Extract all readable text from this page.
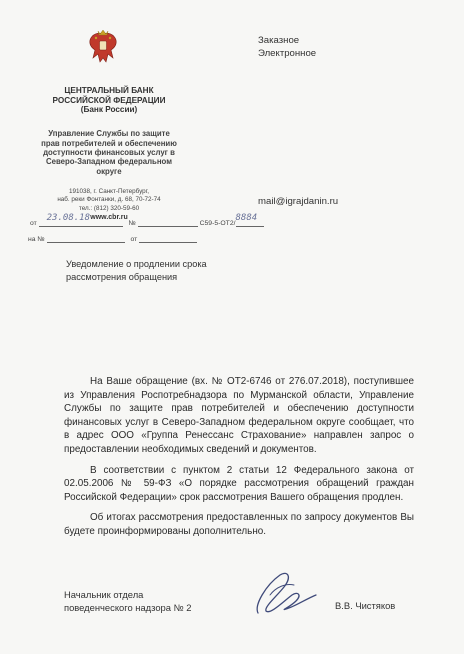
ЦЕНТРАЛЬНЫЙ БАНК
РОССИЙСКОЙ ФЕДЕРАЦИИ
(Банк России)
Управление Службы по защите
прав потребителей и обеспечению
доступности финансовых услуг в
Северо-Западном федеральном
округе
191038, г. Санкт-Петербург,
наб. реки Фонтанки, д. 68, 70-72-74
тел.: (812) 320-59-60
www.cbr.ru
Заказное
Электронное
mail@igrajdanin.ru
от
23.08.18
№	С59-5-ОТ2/
8884
на №	от
Уведомление о продлении срока
рассмотрения обращения

На Ваше обращение (вх. № ОТ2-6746 от 276.07.2018), поступившее из Управления Роспотребнадзора по Мурманской области, Управление Службы по защите прав потребителей и обеспечению доступности финансовых услуг в Северо-Западном федеральном округе сообщает, что в адрес ООО «Группа Ренессанс Страхование» направлен запрос о предоставлении необходимых сведений и документов.

В соответствии с пунктом 2 статьи 12 Федерального закона от 02.05.2006 № 59-ФЗ «О порядке рассмотрения обращений граждан Российской Федерации» срок рассмотрения Вашего обращения продлен.

Об итогах рассмотрения предоставленных по запросу документов Вы будете проинформированы дополнительно.

Начальник отдела
поведенческого надзора № 2	В.В. Чистяков
